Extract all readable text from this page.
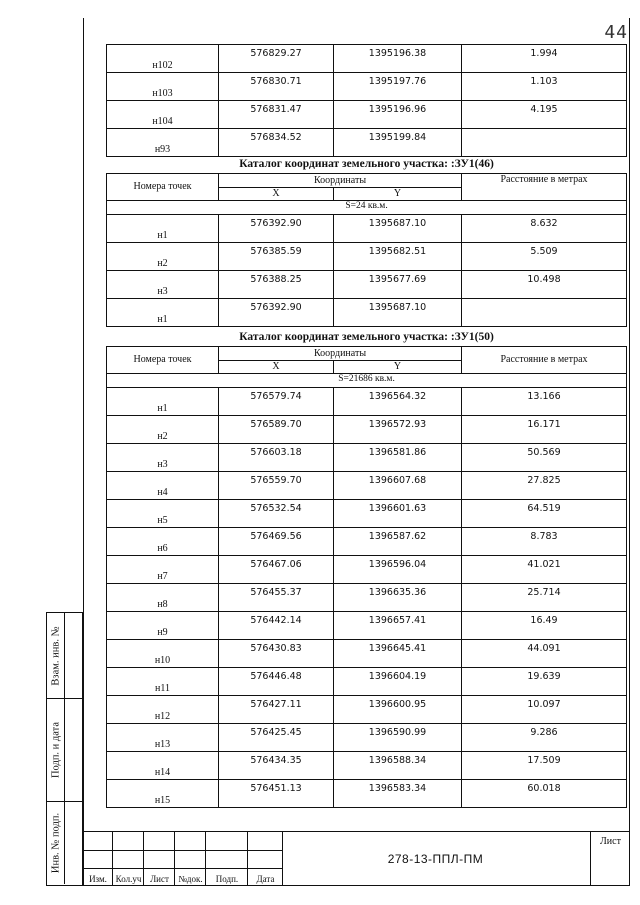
44
н102	576829.27	1395196.38	1.994
н103	576830.71	1395197.76	1.103
н104	576831.47	1395196.96	4.195
н93	576834.52	1395199.84	
Каталог координат земельного участка: :ЗУ1(46)			
Номера точек	Координаты		Расстояние в метрах
	X	Y	
S=24 кв.м.			
н1	576392.90	1395687.10	8.632
н2	576385.59	1395682.51	5.509
н3	576388.25	1395677.69	10.498
н1	576392.90	1395687.10	
Каталог координат земельного участка: :ЗУ1(50)			
Номера точек	Координаты		Расстояние в метрах
	X	Y	
S=21686 кв.м.			
н1	576579.74	1396564.32	13.166
н2	576589.70	1396572.93	16.171
н3	576603.18	1396581.86	50.569
н4	576559.70	1396607.68	27.825
н5	576532.54	1396601.63	64.519
н6	576469.56	1396587.62	8.783
н7	576467.06	1396596.04	41.021
н8	576455.37	1396635.36	25.714
н9	576442.14	1396657.41	16.49
н10	576430.83	1396645.41	44.091
н11	576446.48	1396604.19	19.639
н12	576427.11	1396600.95	10.097
н13	576425.45	1396590.99	9.286
н14	576434.35	1396588.34	17.509
н15	576451.13	1396583.34	60.018
Взам. инв. №
Подп. и дата
Инв. № подп.
Изм. Кол.уч Лист	№док.	Подп.	Дата
278-13-ППЛ-ПМ
Лист
